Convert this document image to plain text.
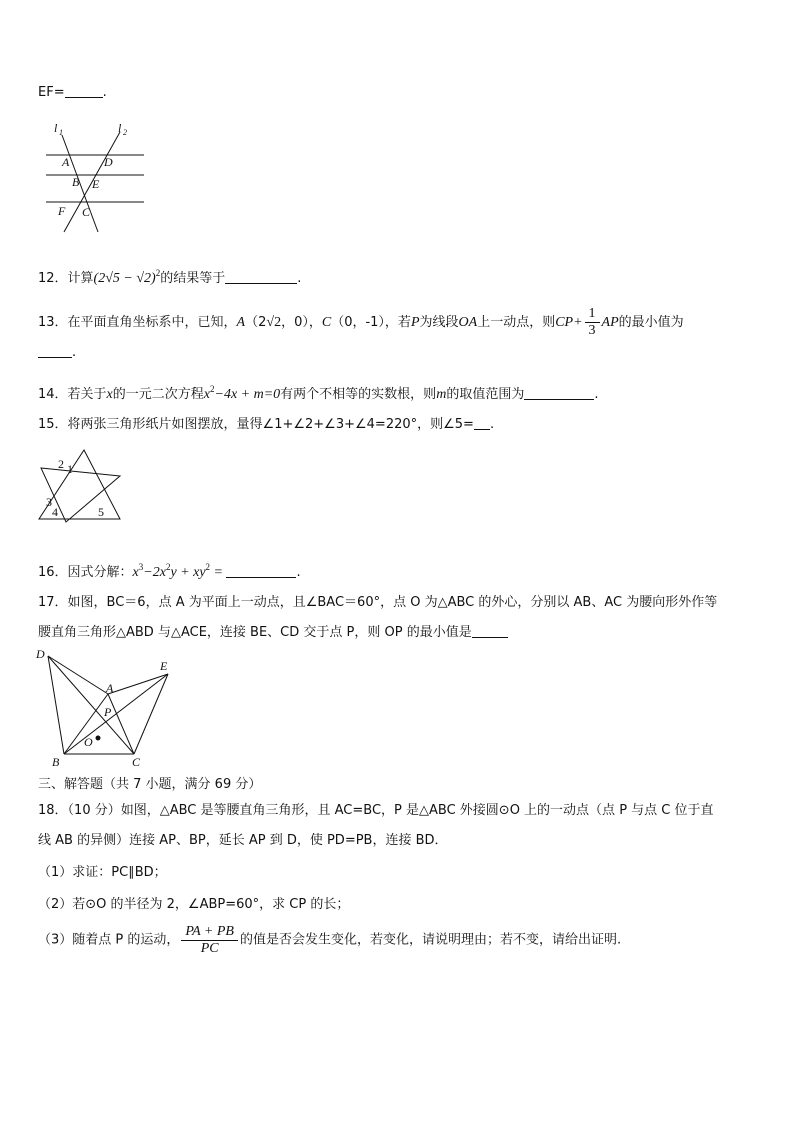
EF=	.
l 1	l 2
A	D
B E
F C
12．计算$(2√5 - √2)^2$的结果等于	.
13．在平面直角坐标系中，已知，A（2√2，0），C（0，-1），若P为线段OA上一动点，则$CP+ \frac{1}{3}$ AP的最小值为
.
14．若关于x的一元二次方程$x^2-4x + m=0$有两个不相等的实数根，则m的取值范围为	.
15．将两张三角形纸片如图摆放，量得∠1+∠2+∠3+∠4=220°，则∠5= .
2 1
3
4	5
16．因式分解：$x^3-2x^2y + xy^2$ =	.
17．如图，BC＝6，点 A 为平面上一动点，且∠BAC＝60°，点 O 为△ABC 的外心，分别以 AB、AC 为腰向形外作等
腰直角三角形△ABD 与△ACE，连接 BE、CD 交于点 P，则 OP 的最小值是
D
E
A
P
O
B	C
三、解答题（共 7 小题，满分 69 分）
18．（10 分）如图，△ABC 是等腰直角三角形，且 AC=BC，P 是△ABC 外接圆⊙O 上的一动点（点 P 与点 C 位于直
线 AB 的异侧）连接 AP、BP，延长 AP 到 D，使 PD=PB，连接 BD．
（1）求证：PC∥BD；
（2）若⊙O 的半径为 2，∠ABP=60°，求 CP 的长；
（3）随着点 P 的运动， $\frac{PA + PB}{PC}$ 的值是否会发生变化，若变化，请说明理由；若不变，请给出证明.
